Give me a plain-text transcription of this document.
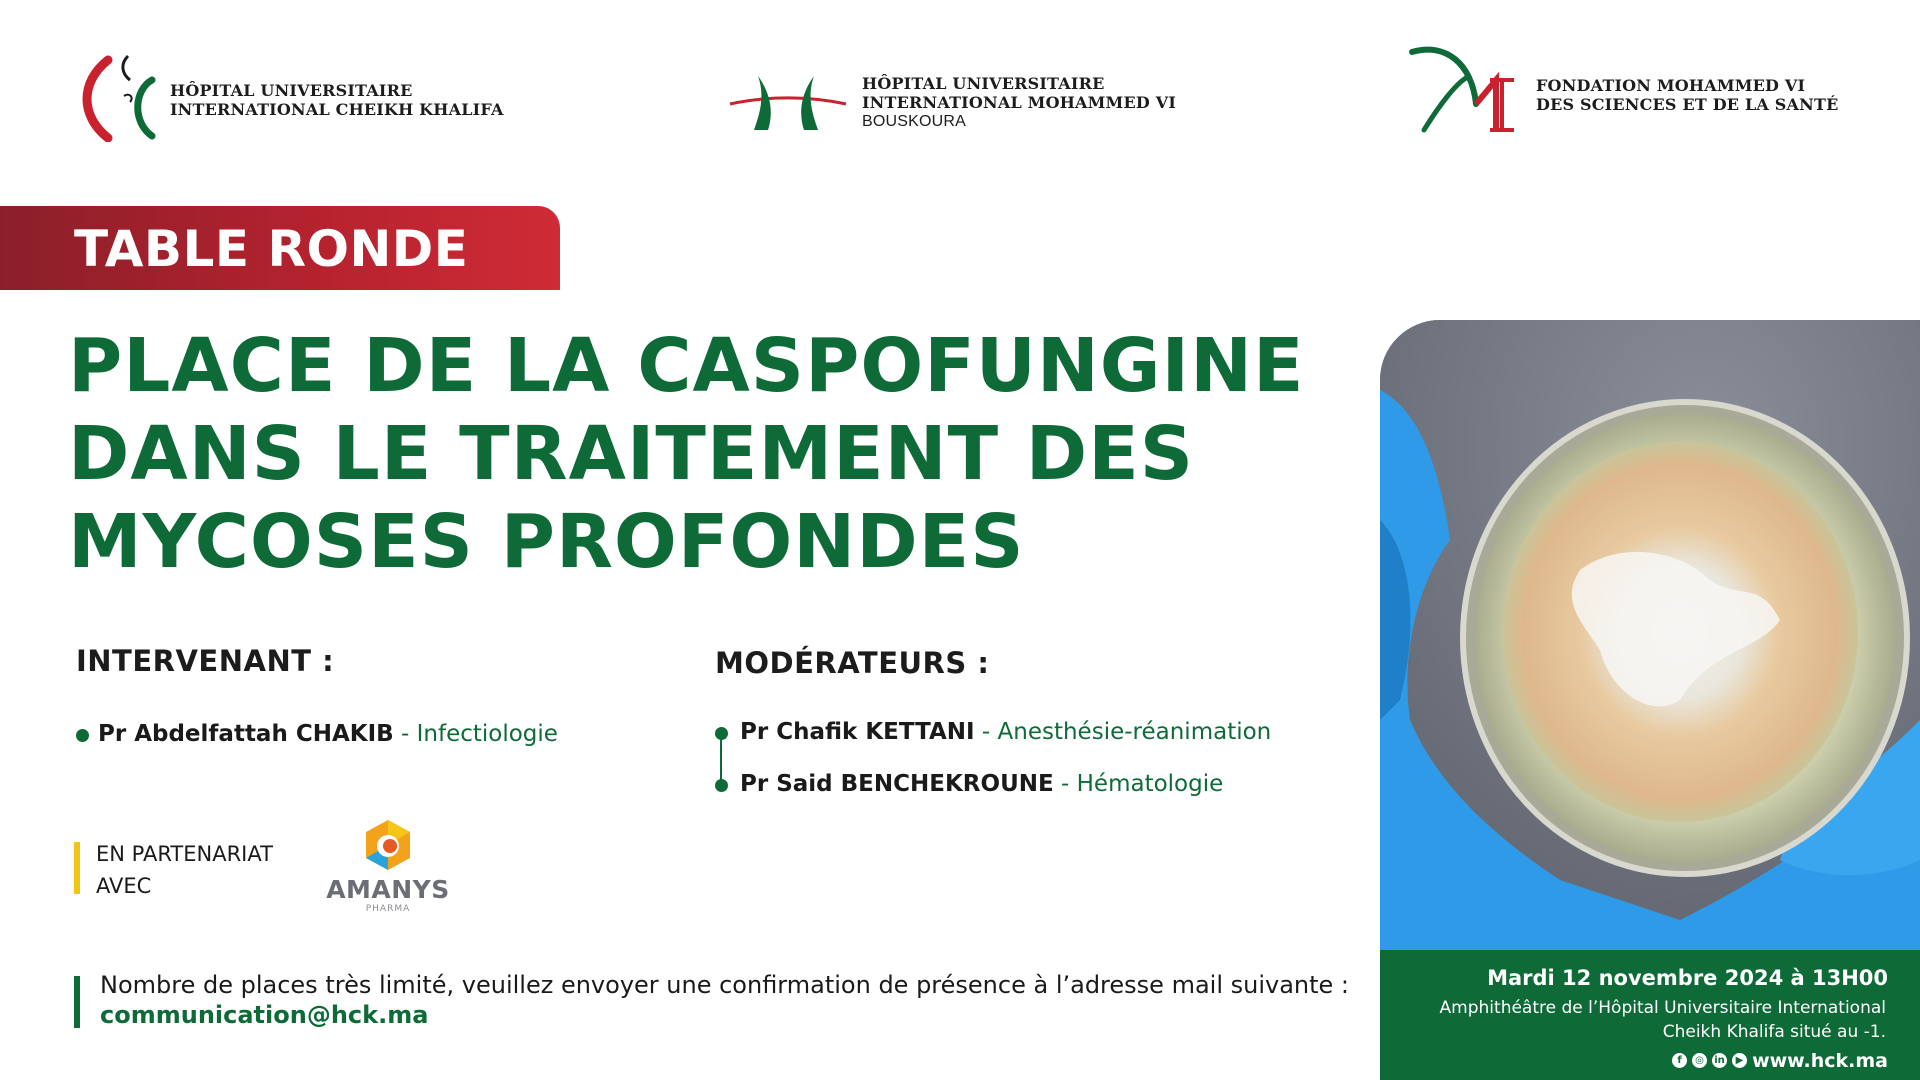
HÔPITAL UNIVERSITAIRE
INTERNATIONAL CHEIKH KHALIFA
HÔPITAL UNIVERSITAIRE
INTERNATIONAL MOHAMMED VI
BOUSKOURA
FONDATION MOHAMMED VI
DES SCIENCES ET DE LA SANTÉ
TABLE RONDE
PLACE DE LA CASPOFUNGINE
DANS LE TRAITEMENT DES
MYCOSES PROFONDES
INTERVENANT :
Pr Abdelfattah CHAKIB - Infectiologie
MODÉRATEURS :
Pr Chafik KETTANI - Anesthésie-réanimation
Pr Said BENCHEKROUNE - Hématologie
EN PARTENARIAT
AVEC	AMANYS
PHARMA
Nombre de places très limité, veuillez envoyer une confirmation de présence à l’adresse mail suivante : communication@hck.ma
Mardi 12 novembre 2024 à 13H00
Amphithéâtre de l’Hôpital Universitaire International Cheikh Khalifa situé au -1.
f	◎	in	▶ www.hck.ma
